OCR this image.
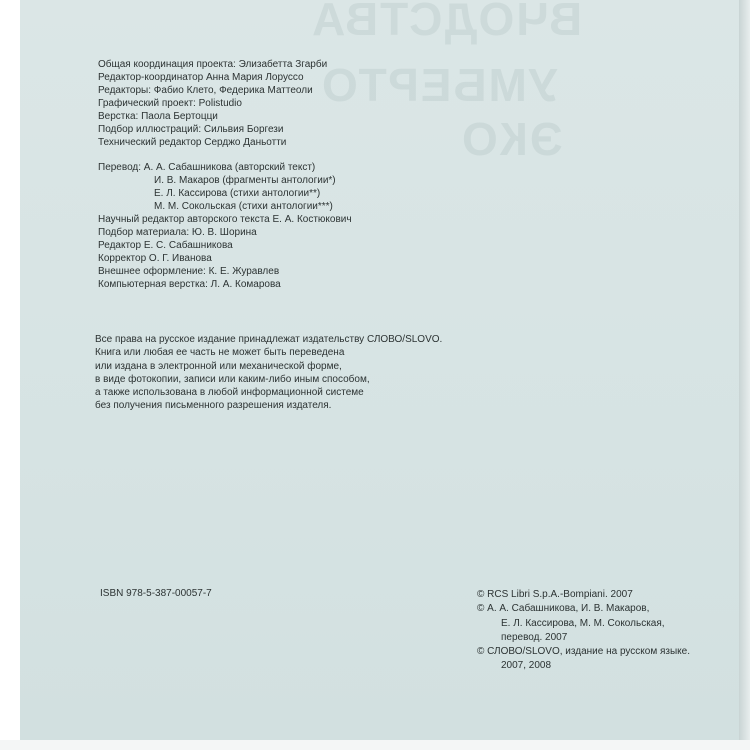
ВЧОДСТВА
УМБЕРТО
ЭКО
Общая координация проекта: Элизабетта Згарби
Редактор-координатор Анна Мария Лоруссо
Редакторы: Фабио Клето, Федерика Маттеоли
Графический проект: Polistudio
Верстка: Паола Бертоцци
Подбор иллюстраций: Сильвия Боргези
Технический редактор Серджо Даньотти
Перевод: А. А. Сабашникова (авторский текст)
И. В. Макаров (фрагменты антологии*)
Е. Л. Кассирова (стихи антологии**)
М. М. Сокольская (стихи антологии***)
Научный редактор авторского текста Е. А. Костюкович
Подбор материала: Ю. В. Шорина
Редактор Е. С. Сабашникова
Корректор О. Г. Иванова
Внешнее оформление: К. Е. Журавлев
Компьютерная верстка: Л. А. Комарова
Все права на русское издание принадлежат издательству СЛОВО/SLOVO.
Книга или любая ее часть не может быть переведена
или издана в электронной или механической форме,
в виде фотокопии, записи или каким-либо иным способом,
а также использована в любой информационной системе
без получения письменного разрешения издателя.
ISBN 978-5-387-00057-7	© RCS Libri S.p.A.-Bompiani. 2007
© А. А. Сабашникова, И. В. Макаров,
Е. Л. Кассирова, М. М. Сокольская,
перевод. 2007
© СЛОВО/SLOVO, издание на русском языке.
2007, 2008
